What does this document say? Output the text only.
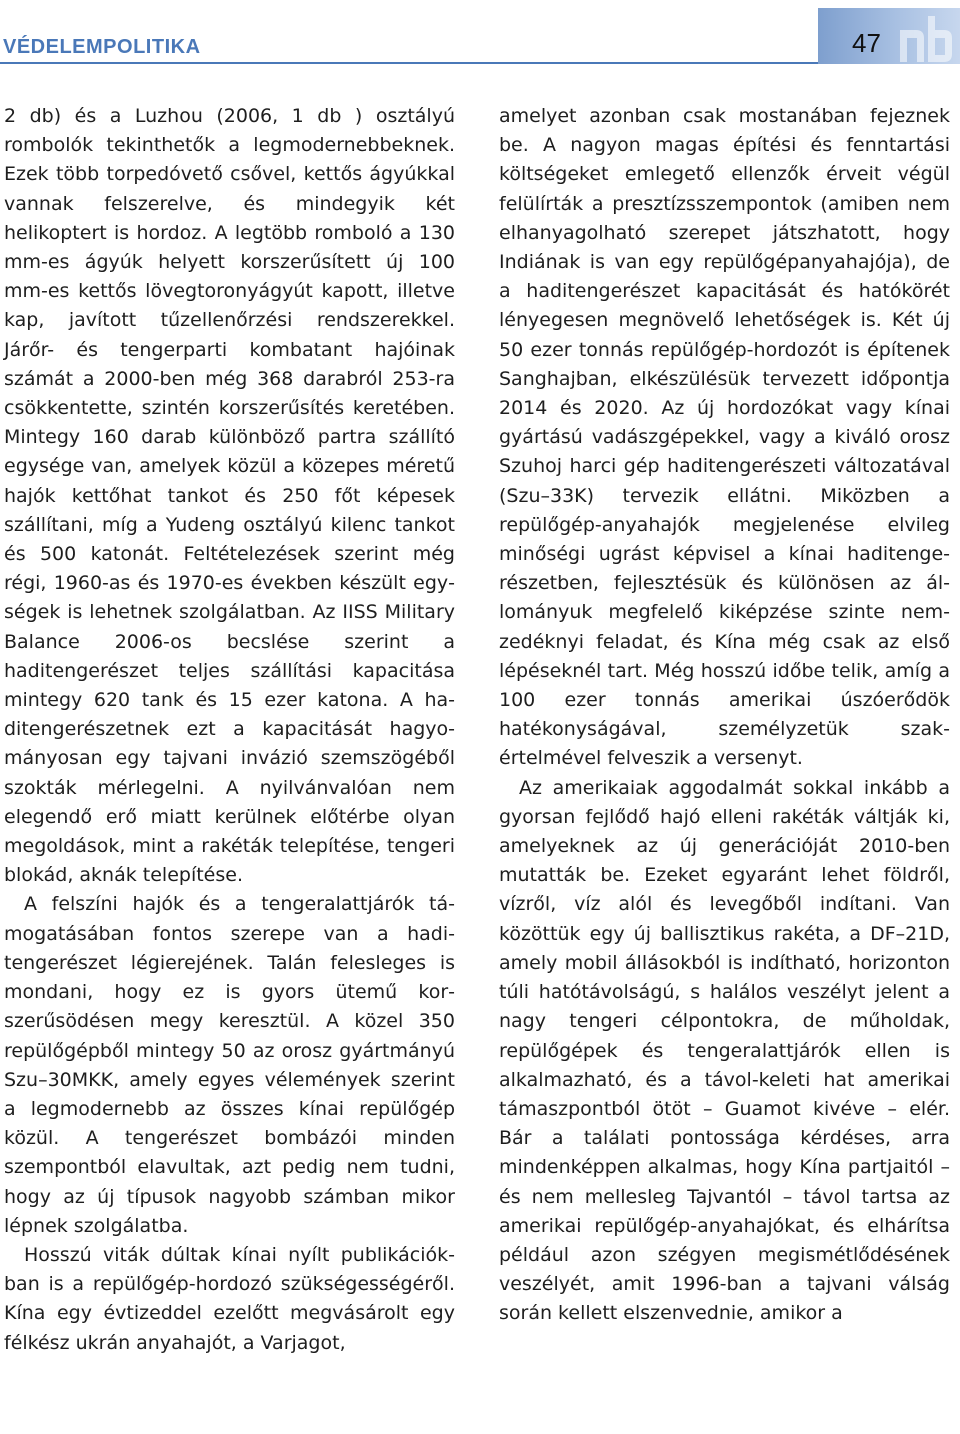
VÉDELEMPOLITIKA	47

2 db) és a Luzhou (2006, 1 db ) osztályú rombolók tekinthetők a legmodernebbeknek. Ezek több torpedóvető csővel, kettős ágyúkkal vannak felszerelve, és mindegyik két helikoptert is hordoz. A legtöbb romboló a 130 mm-es ágyúk helyett korszerűsített új 100 mm-es kettős lövegtoronyágyút kapott, illetve kap, javított tűzellenőrzési rendszerekkel. Járőr- és tengerparti kombatant hajóinak számát a 2000-ben még 368 darabról 253-ra csökkentette, szintén korszerűsítés keretében. Mintegy 160 darab különböző partra szállító egysége van, amelyek közül a közepes méretű hajók kettőhat tankot és 250 főt képesek szállítani, míg a Yudeng osztályú kilenc tankot és 500 katonát. Feltételezések szerint még régi, 1960-as és 1970-es években készült egységek is lehetnek szolgálatban. Az IISS Military Balance 2006-os becslése szerint a haditengerészet teljes szállítási kapacitása mintegy 620 tank és 15 ezer katona. A haditengerészetnek ezt a kapacitását hagyományosan egy tajvani invázió szemszögéből szokták mérlegelni. A nyilvánvalóan nem elegendő erő miatt kerülnek előtérbe olyan megoldások, mint a rakéták telepítése, tengeri blokád, aknák telepítése.

A felszíni hajók és a tengeralattjárók támogatásában fontos szerepe van a haditengerészet légierejének. Talán felesleges is mondani, hogy ez is gyors ütemű korszerűsödésen megy keresztül. A közel 350 repülőgépből mintegy 50 az orosz gyártmányú Szu–30MKK, amely egyes vélemények szerint a legmodernebb az összes kínai repülőgép közül. A tengerészet bombázói minden szempontból elavultak, azt pedig nem tudni, hogy az új típusok nagyobb számban mikor lépnek szolgálatba.

Hosszú viták dúltak kínai nyílt publikációkban is a repülőgép-hordozó szükségességéről. Kína egy évtizeddel ezelőtt megvásárolt egy félkész ukrán anyahajót, a Varjagot,

amelyet azonban csak mostanában fejeznek be. A nagyon magas építési és fenntartási költségeket emlegető ellenzők érveit végül felülírták a presztízsszempontok (amiben nem elhanyagolható szerepet játszhatott, hogy Indiának is van egy repülőgépanyahajója), de a haditengerészet kapacitását és hatókörét lényegesen megnövelő lehetőségek is. Két új 50 ezer tonnás repülőgép-hordozót is építenek Sanghajban, elkészülésük tervezett időpontja 2014 és 2020. Az új hordozókat vagy kínai gyártású vadászgépekkel, vagy a kiváló orosz Szuhoj harci gép haditengerészeti változatával (Szu–33K) tervezik ellátni. Miközben a repülőgép-anyahajók megjelenése elvileg minőségi ugrást képvisel a kínai haditengerészetben, fejlesztésük és különösen az állományuk megfelelő kiképzése szinte nemzedéknyi feladat, és Kína még csak az első lépéseknél tart. Még hosszú időbe telik, amíg a 100 ezer tonnás amerikai úszóerődök hatékonyságával, személyzetük szakértelmével felveszik a versenyt.

Az amerikaiak aggodalmát sokkal inkább a gyorsan fejlődő hajó elleni rakéták váltják ki, amelyeknek az új generációját 2010-ben mutatták be. Ezeket egyaránt lehet földről, vízről, víz alól és levegőből indítani. Van közöttük egy új ballisztikus rakéta, a DF–21D, amely mobil állásokból is indítható, horizonton túli hatótávolságú, s halálos veszélyt jelent a nagy tengeri célpontokra, de műholdak, repülőgépek és tengeralattjárók ellen is alkalmazható, és a távol-keleti hat amerikai támaszpontból ötöt – Guamot kivéve – elér. Bár a találati pontossága kérdéses, arra mindenképpen alkalmas, hogy Kína partjaitól – és nem mellesleg Tajvantól – távol tartsa az amerikai repülőgép-anyahajókat, és elhárítsa például azon szégyen megismétlődésének veszélyét, amit 1996-ban a tajvani válság során kellett elszenvednie, amikor a
